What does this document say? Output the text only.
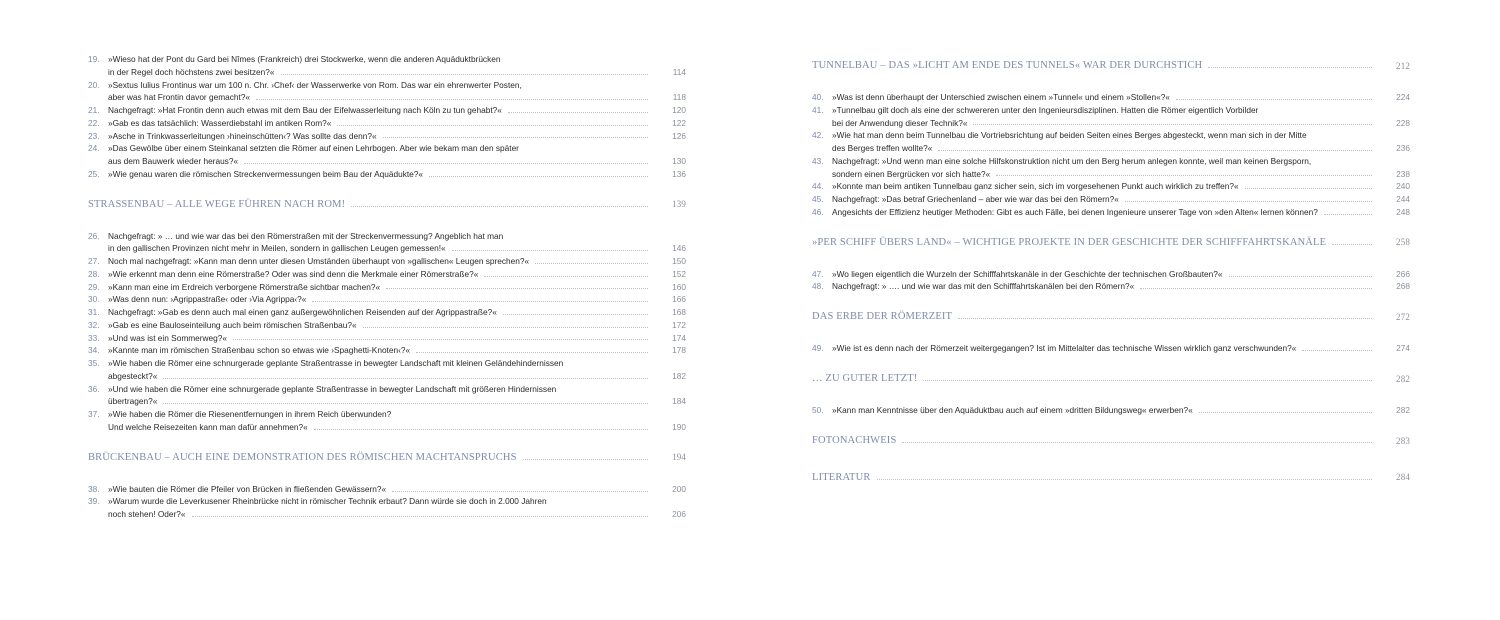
19.	»Wieso hat der Pont du Gard bei Nîmes (Frankreich) drei Stockwerke, wenn die anderen Aquäduktbrücken
in der Regel doch höchstens zwei besitzen?«	114
20.	»Sextus Iulius Frontinus war um 100 n. Chr. ›Chef‹ der Wasserwerke von Rom. Das war ein ehrenwerter Posten,
aber was hat Frontin davor gemacht?«	118
21.	Nachgefragt: »Hat Frontin denn auch etwas mit dem Bau der Eifelwasserleitung nach Köln zu tun gehabt?«	120
22.	»Gab es das tatsächlich: Wasserdiebstahl im antiken Rom?«	122
23.	»Asche in Trinkwasserleitungen ›hineinschütten‹? Was sollte das denn?«	126
24.	»Das Gewölbe über einem Steinkanal setzten die Römer auf einen Lehrbogen. Aber wie bekam man den später
aus dem Bauwerk wieder heraus?«	130
25.	»Wie genau waren die römischen Streckenvermessungen beim Bau der Aquädukte?«	136
STRASSENBAU – ALLE WEGE FÜHREN NACH ROM!	139
26.	Nachgefragt: » … und wie war das bei den Römerstraßen mit der Streckenvermessung? Angeblich hat man
in den gallischen Provinzen nicht mehr in Meilen, sondern in gallischen Leugen gemessen!«	146
27.	Noch mal nachgefragt: »Kann man denn unter diesen Umständen überhaupt von »gallischen« Leugen sprechen?«	150
28.	»Wie erkennt man denn eine Römerstraße? Oder was sind denn die Merkmale einer Römerstraße?«	152
29.	»Kann man eine im Erdreich verborgene Römerstraße sichtbar machen?«	160
30.	»Was denn nun: ›Agrippastraße‹ oder ›Via Agrippa‹?«	166
31.	Nachgefragt: »Gab es denn auch mal einen ganz außergewöhnlichen Reisenden auf der Agrippastraße?«	168
32.	»Gab es eine Bauloseinteilung auch beim römischen Straßenbau?«	172
33.	»Und was ist ein Sommerweg?«	174
34.	»Kannte man im römischen Straßenbau schon so etwas wie ›Spaghetti-Knoten‹?«	178
35.	»Wie haben die Römer eine schnurgerade geplante Straßentrasse in bewegter Landschaft mit kleinen Geländehindernissen
abgesteckt?«	182
36.	»Und wie haben die Römer eine schnurgerade geplante Straßentrasse in bewegter Landschaft mit größeren Hindernissen
übertragen?«	184
37.	»Wie haben die Römer die Riesenentfernungen in ihrem Reich überwunden?
Und welche Reisezeiten kann man dafür annehmen?«	190
BRÜCKENBAU – AUCH EINE DEMONSTRATION DES RÖMISCHEN MACHTANSPRUCHS	194
38.	»Wie bauten die Römer die Pfeiler von Brücken in fließenden Gewässern?«	200
39.	»Warum wurde die Leverkusener Rheinbrücke nicht in römischer Technik erbaut? Dann würde sie doch in 2.000 Jahren
noch stehen! Oder?«	206
TUNNELBAU – DAS »LICHT AM ENDE DES TUNNELS« WAR DER DURCHSTICH	212
40.	»Was ist denn überhaupt der Unterschied zwischen einem »Tunnel« und einem »Stollen«?«	224
41.	»Tunnelbau gilt doch als eine der schwereren unter den Ingenieursdisziplinen. Hatten die Römer eigentlich Vorbilder
bei der Anwendung dieser Technik?«	228
42.	»Wie hat man denn beim Tunnelbau die Vortriebsrichtung auf beiden Seiten eines Berges abgesteckt, wenn man sich in der Mitte
des Berges treffen wollte?«	236
43.	Nachgefragt: »Und wenn man eine solche Hilfskonstruktion nicht um den Berg herum anlegen konnte, weil man keinen Bergsporn,
sondern einen Bergrücken vor sich hatte?«	238
44.	»Konnte man beim antiken Tunnelbau ganz sicher sein, sich im vorgesehenen Punkt auch wirklich zu treffen?«	240
45.	Nachgefragt: »Das betraf Griechenland – aber wie war das bei den Römern?«	244
46.	Angesichts der Effizienz heutiger Methoden: Gibt es auch Fälle, bei denen Ingenieure unserer Tage von »den Alten« lernen können?	248
»PER SCHIFF ÜBERS LAND« – WICHTIGE PROJEKTE IN DER GESCHICHTE DER SCHIFFFAHRTSKANÄLE	258
47.	»Wo liegen eigentlich die Wurzeln der Schifffahrtskanäle in der Geschichte der technischen Großbauten?«	266
48.	Nachgefragt: » …. und wie war das mit den Schifffahrtskanälen bei den Römern?«	268
DAS ERBE DER RÖMERZEIT	272
49.	»Wie ist es denn nach der Römerzeit weitergegangen? Ist im Mittelalter das technische Wissen wirklich ganz verschwunden?«	274
… ZU GUTER LETZT!	282
50.	»Kann man Kenntnisse über den Aquäduktbau auch auf einem »dritten Bildungsweg« erwerben?«	282
FOTONACHWEIS	283
LITERATUR	284
